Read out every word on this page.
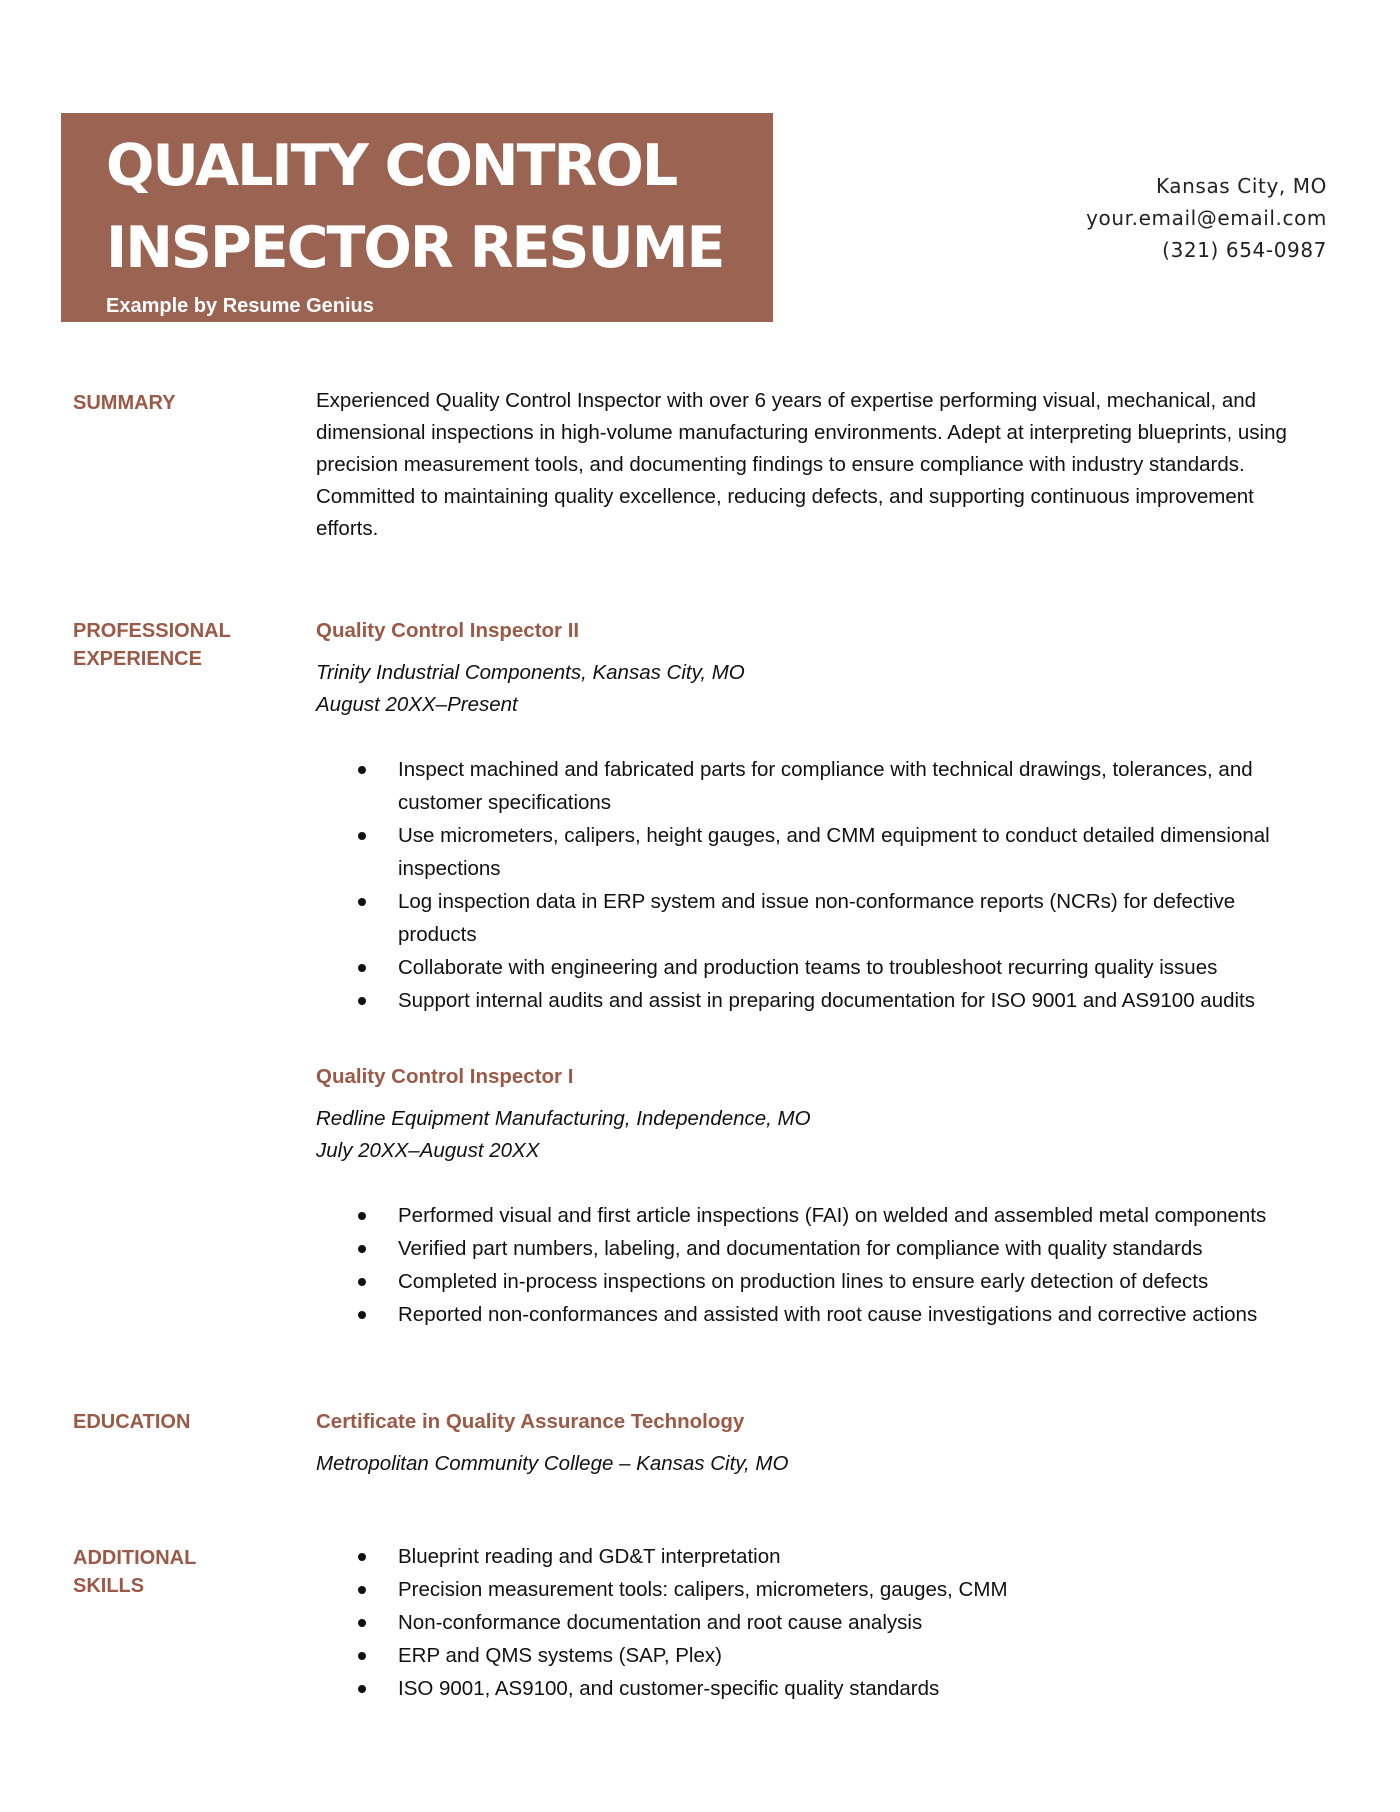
QUALITY CONTROL
INSPECTOR RESUME
Example by Resume Genius
Kansas City, MO
your.email@email.com
(321) 654-0987
SUMMARY	Experienced Quality Control Inspector with over 6 years of expertise performing visual, mechanical, and dimensional inspections in high-volume manufacturing environments. Adept at interpreting blueprints, using precision measurement tools, and documenting findings to ensure compliance with industry standards. Committed to maintaining quality excellence, reducing defects, and supporting continuous improvement efforts.
PROFESSIONAL
EXPERIENCE
Quality Control Inspector II
Trinity Industrial Components, Kansas City, MO
August 20XX–Present
Inspect machined and fabricated parts for compliance with technical drawings, tolerances, and customer specifications
Use micrometers, calipers, height gauges, and CMM equipment to conduct detailed dimensional inspections
Log inspection data in ERP system and issue non-conformance reports (NCRs) for defective products
Collaborate with engineering and production teams to troubleshoot recurring quality issues
Support internal audits and assist in preparing documentation for ISO 9001 and AS9100 audits
Quality Control Inspector I
Redline Equipment Manufacturing, Independence, MO
July 20XX–August 20XX
Performed visual and first article inspections (FAI) on welded and assembled metal components
Verified part numbers, labeling, and documentation for compliance with quality standards
Completed in-process inspections on production lines to ensure early detection of defects
Reported non-conformances and assisted with root cause investigations and corrective actions
EDUCATION	Certificate in Quality Assurance Technology
Metropolitan Community College – Kansas City, MO
ADDITIONAL
SKILLS
Blueprint reading and GD&T interpretation
Precision measurement tools: calipers, micrometers, gauges, CMM
Non-conformance documentation and root cause analysis
ERP and QMS systems (SAP, Plex)
ISO 9001, AS9100, and customer-specific quality standards
